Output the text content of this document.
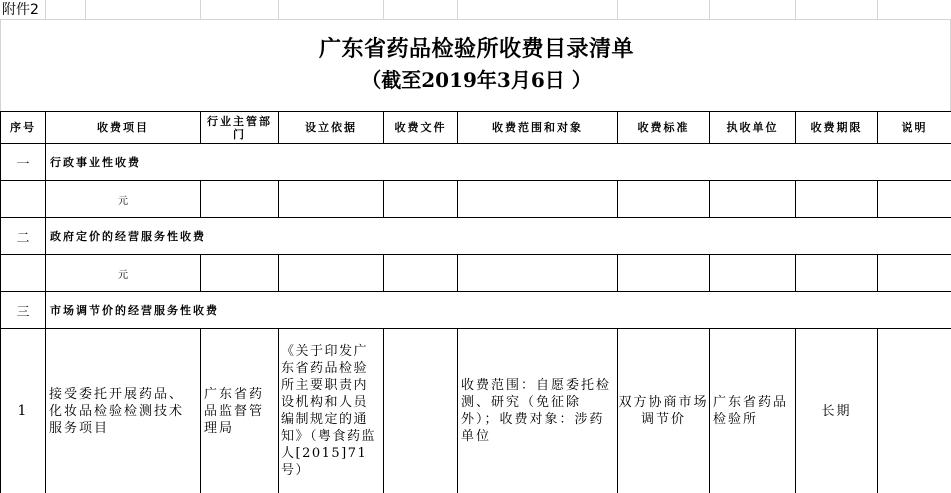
附件2
广东省药品检验所收费目录清单
（截至2019年3月6日 ）
序号	收费项目	行业主管部门	设立依据	收费文件	收费范围和对象	收费标准	执收单位	收费期限	说明
一	行政事业性收费								
	元								
二	政府定价的经营服务性收费								
	元								
三	市场调节价的经营服务性收费								
1	接受委托开展药品、化妆品检验检测技术服务项目	广东省药品监督管理局	《关于印发广东省药品检验所主要职责内设机构和人员编制规定的通知》（粤食药监人[2015]71号）		收费范围：自愿委托检测、研究（免征除外）；收费对象：涉药单位	双方协商市场调节价	广东省药品检验所	长期	
